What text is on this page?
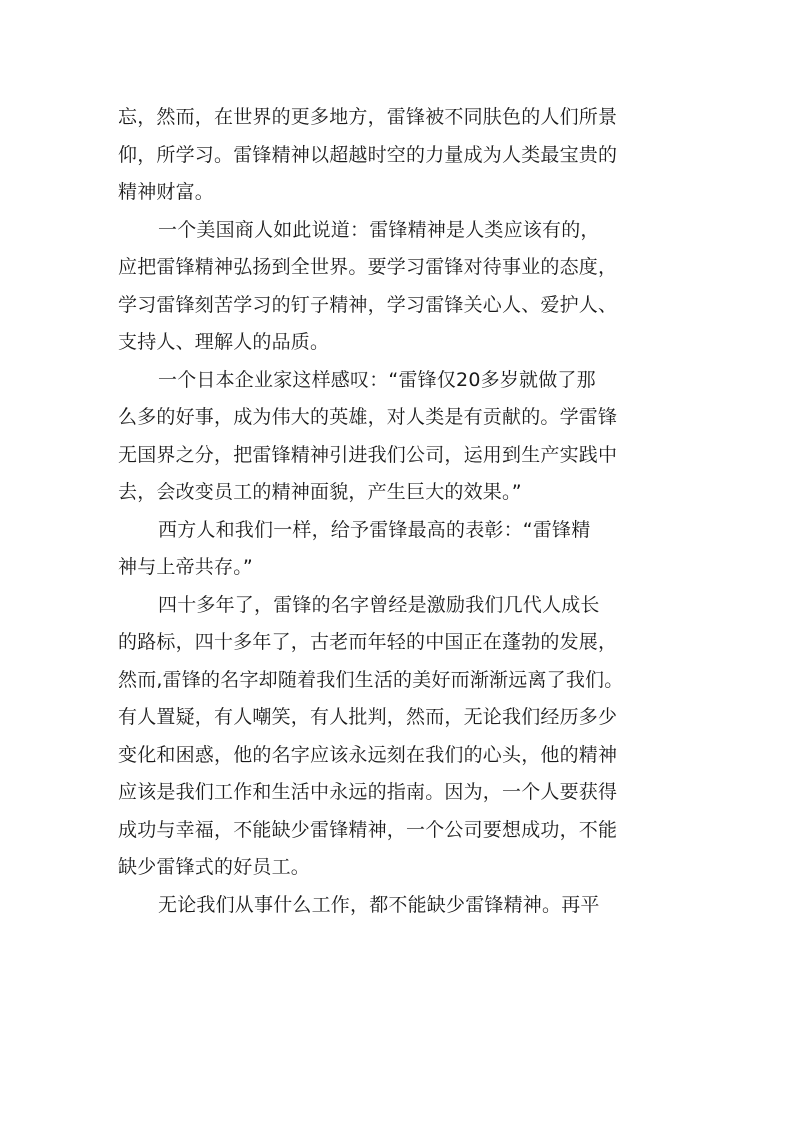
忘，然而，在世界的更多地方，雷锋被不同肤色的人们所景
仰，所学习。雷锋精神以超越时空的力量成为人类最宝贵的
精神财富。
一个美国商人如此说道：雷锋精神是人类应该有的，
应把雷锋精神弘扬到全世界。要学习雷锋对待事业的态度，
学习雷锋刻苦学习的钉子精神，学习雷锋关心人、爱护人、
支持人、理解人的品质。
一个日本企业家这样感叹：“雷锋仅20多岁就做了那
么多的好事，成为伟大的英雄，对人类是有贡献的。学雷锋
无国界之分，把雷锋精神引进我们公司，运用到生产实践中
去，会改变员工的精神面貌，产生巨大的效果。”
西方人和我们一样，给予雷锋最高的表彰：“雷锋精
神与上帝共存。”
四十多年了，雷锋的名字曾经是激励我们几代人成长
的路标，四十多年了，古老而年轻的中国正在蓬勃的发展，
然而,雷锋的名字却随着我们生活的美好而渐渐远离了我们。
有人置疑，有人嘲笑，有人批判，然而，无论我们经历多少
变化和困惑，他的名字应该永远刻在我们的心头，他的精神
应该是我们工作和生活中永远的指南。因为，一个人要获得
成功与幸福，不能缺少雷锋精神，一个公司要想成功，不能
缺少雷锋式的好员工。
无论我们从事什么工作，都不能缺少雷锋精神。再平
